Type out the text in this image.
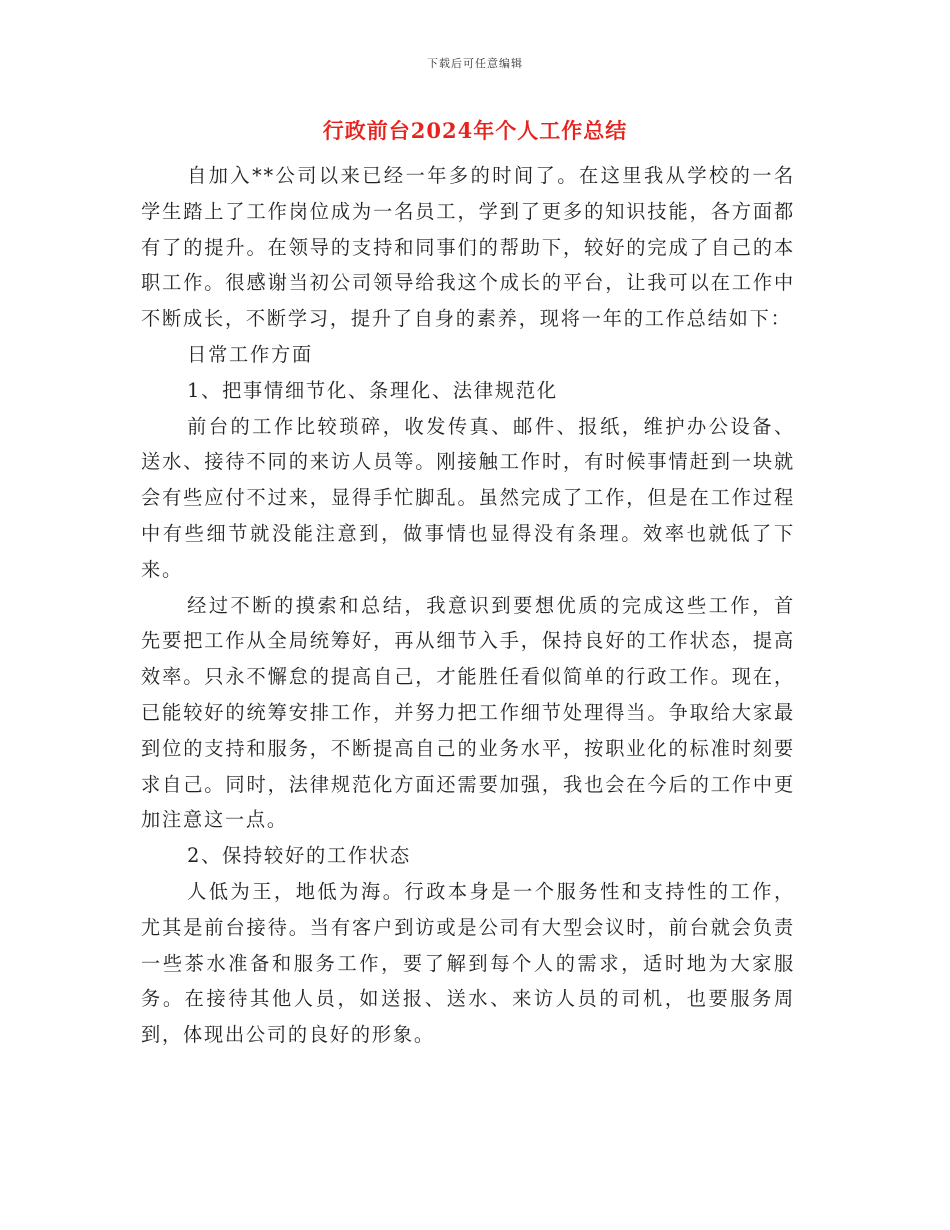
下载后可任意编辑
行政前台2024年个人工作总结

自加入**公司以来已经一年多的时间了。在这里我从学校的一名学生踏上了工作岗位成为一名员工，学到了更多的知识技能，各方面都有了的提升。在领导的支持和同事们的帮助下，较好的完成了自己的本职工作。很感谢当初公司领导给我这个成长的平台，让我可以在工作中不断成长，不断学习，提升了自身的素养，现将一年的工作总结如下：

日常工作方面

1、把事情细节化、条理化、法律规范化

前台的工作比较琐碎，收发传真、邮件、报纸，维护办公设备、送水、接待不同的来访人员等。刚接触工作时，有时候事情赶到一块就会有些应付不过来，显得手忙脚乱。虽然完成了工作，但是在工作过程中有些细节就没能注意到，做事情也显得没有条理。效率也就低了下来。

经过不断的摸索和总结，我意识到要想优质的完成这些工作，首先要把工作从全局统筹好，再从细节入手，保持良好的工作状态，提高效率。只永不懈怠的提高自己，才能胜任看似简单的行政工作。现在，已能较好的统筹安排工作，并努力把工作细节处理得当。争取给大家最到位的支持和服务，不断提高自己的业务水平，按职业化的标准时刻要求自己。同时，法律规范化方面还需要加强，我也会在今后的工作中更加注意这一点。

2、保持较好的工作状态

人低为王，地低为海。行政本身是一个服务性和支持性的工作，尤其是前台接待。当有客户到访或是公司有大型会议时，前台就会负责一些茶水准备和服务工作，要了解到每个人的需求，适时地为大家服务。在接待其他人员，如送报、送水、来访人员的司机，也要服务周到，体现出公司的良好的形象。
